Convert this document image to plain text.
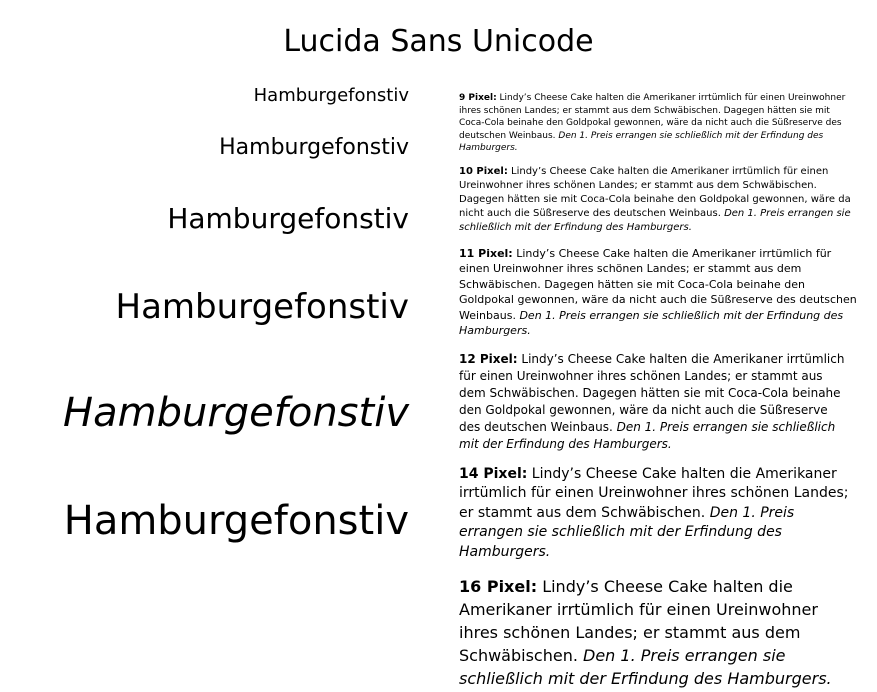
Lucida Sans Unicode
Hamburgefonstiv
Hamburgefonstiv
Hamburgefonstiv
Hamburgefonstiv
Hamburgefonstiv
Hamburgefonstiv

9 Pixel: Lindy’s Cheese Cake halten die Amerikaner irrtümlich für einen Ureinwohner ihres schönen Landes; er stammt aus dem Schwäbischen. Dagegen hätten sie mit Coca-Cola beinahe den Goldpokal gewonnen, wäre da nicht auch die Süßreserve des deutschen Weinbaus. Den 1. Preis errangen sie schließlich mit der Erfindung des Hamburgers.

10 Pixel: Lindy’s Cheese Cake halten die Amerikaner irrtümlich für einen Ureinwohner ihres schönen Landes; er stammt aus dem Schwäbischen. Dagegen hätten sie mit Coca-Cola beinahe den Goldpokal gewonnen, wäre da nicht auch die Süßreserve des deutschen Weinbaus. Den 1. Preis errangen sie schließlich mit der Erfindung des Hamburgers.

11 Pixel: Lindy’s Cheese Cake halten die Amerikaner irrtümlich für einen Ureinwohner ihres schönen Landes; er stammt aus dem Schwäbischen. Dagegen hätten sie mit Coca-Cola beinahe den Goldpokal gewonnen, wäre da nicht auch die Süßreserve des deutschen Weinbaus. Den 1. Preis errangen sie schließlich mit der Erfindung des Hamburgers.

12 Pixel: Lindy’s Cheese Cake halten die Amerikaner irrtümlich für einen Ureinwohner ihres schönen Landes; er stammt aus dem Schwäbischen. Dagegen hätten sie mit Coca-Cola beinahe den Goldpokal gewonnen, wäre da nicht auch die Süßreserve des deutschen Weinbaus. Den 1. Preis errangen sie schließlich mit der Erfindung des Hamburgers.

14 Pixel: Lindy’s Cheese Cake halten die Amerikaner irrtümlich für einen Ureinwohner ihres schönen Landes; er stammt aus dem Schwäbischen. Den 1. Preis errangen sie schließlich mit der Erfindung des Hamburgers.

16 Pixel: Lindy’s Cheese Cake halten die Amerikaner irrtümlich für einen Ureinwohner ihres schönen Landes; er stammt aus dem Schwäbischen. Den 1. Preis errangen sie schließlich mit der Erfindung des Hamburgers.
